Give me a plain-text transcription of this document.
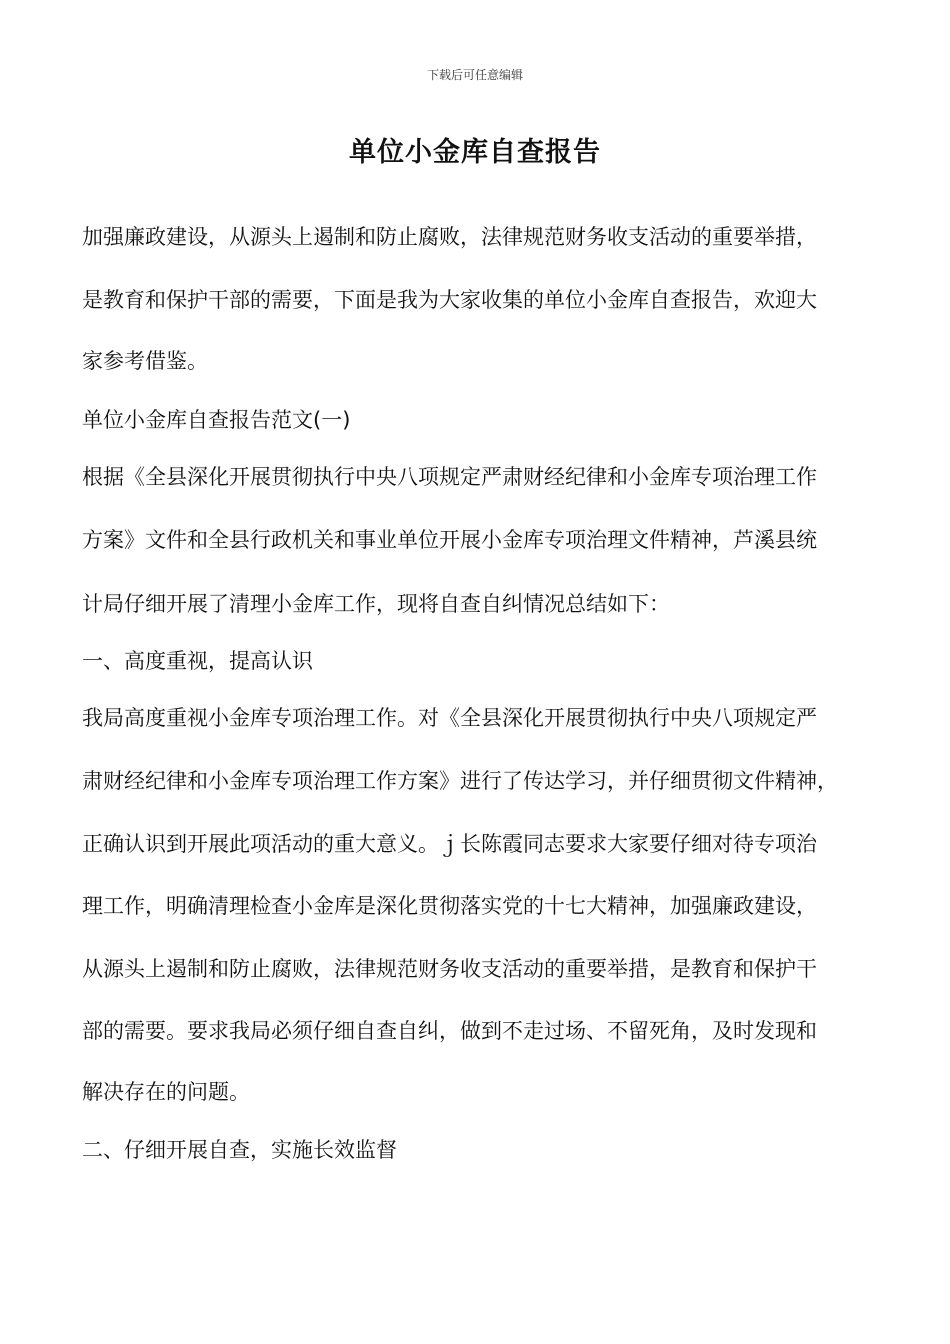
下载后可任意编辑
单位小金库自查报告
加强廉政建设，从源头上遏制和防止腐败，法律规范财务收支活动的重要举措，
是教育和保护干部的需要，下面是我为大家收集的单位小金库自查报告，欢迎大
家参考借鉴。
单位小金库自查报告范文(一)
根据《全县深化开展贯彻执行中央八项规定严肃财经纪律和小金库专项治理工作
方案》文件和全县行政机关和事业单位开展小金库专项治理文件精神，芦溪县统
计局仔细开展了清理小金库工作，现将自查自纠情况总结如下：
一、高度重视，提高认识
我局高度重视小金库专项治理工作。对《全县深化开展贯彻执行中央八项规定严
肃财经纪律和小金库专项治理工作方案》进行了传达学习，并仔细贯彻文件精神，
正确认识到开展此项活动的重大意义。ｊ长陈霞同志要求大家要仔细对待专项治
理工作，明确清理检查小金库是深化贯彻落实党的十七大精神，加强廉政建设，
从源头上遏制和防止腐败，法律规范财务收支活动的重要举措，是教育和保护干
部的需要。要求我局必须仔细自查自纠，做到不走过场、不留死角，及时发现和
解决存在的问题。
二、仔细开展自查，实施长效监督
